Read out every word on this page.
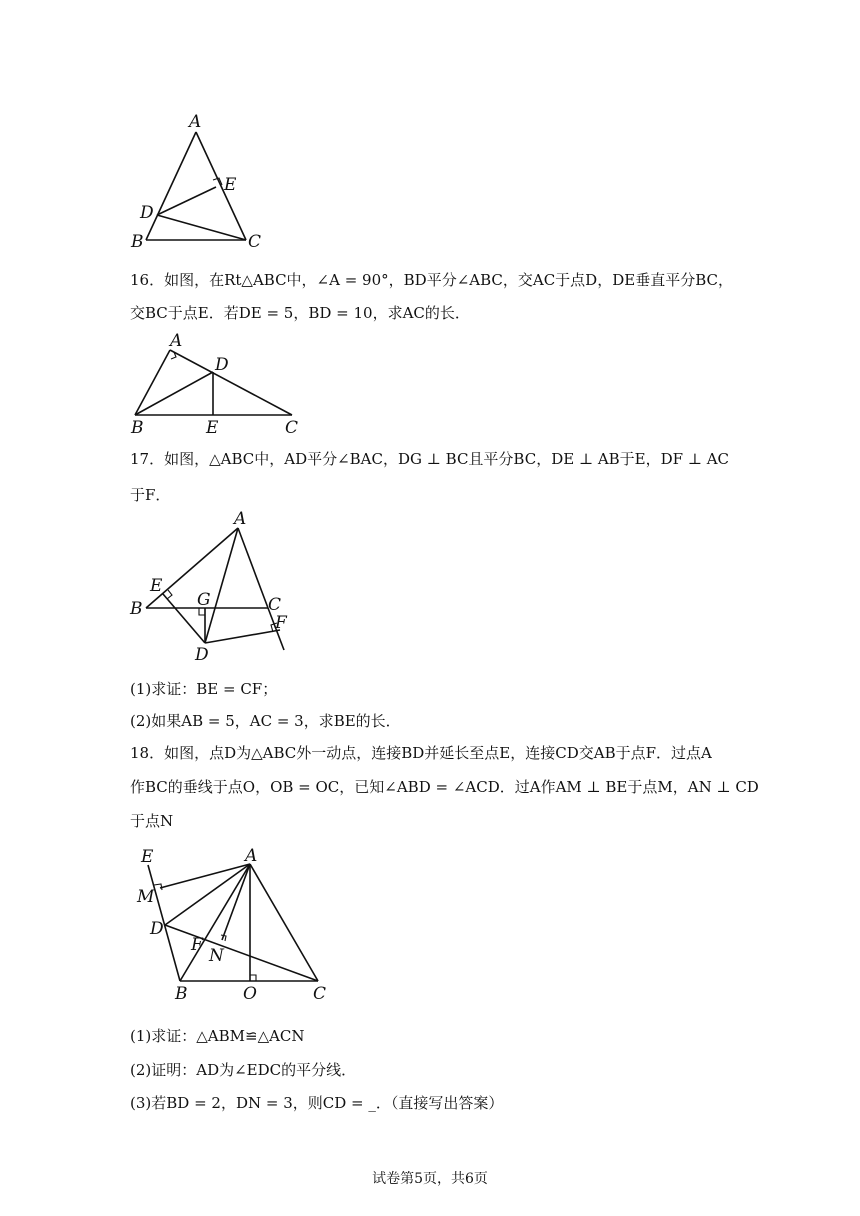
A
E
D
B	C
16．如图，在Rt△ABC中，∠A = 90°，BD平分∠ABC，交AC于点D，DE垂直平分BC，
交BC于点E．若DE = 5，BD = 10，求AC的长．
A
D
B	E	C
17．如图，△ABC中，AD平分∠BAC，DG ⊥ BC且平分BC，DE ⊥ AB于E，DF ⊥ AC
于F．
A
E
G	C
B
F
D
(1)求证：BE = CF；
(2)如果AB = 5，AC = 3，求BE的长．
18．如图，点D为△ABC外一动点，连接BD并延长至点E，连接CD交AB于点F．过点A
作BC的垂线于点O，OB = OC，已知∠ABD = ∠ACD．过A作AM ⊥ BE于点M，AN ⊥ CD
于点N
E	A
M
D
F
N
B	O	C
(1)求证：△ABM≌△ACN
(2)证明：AD为∠EDC的平分线．
(3)若BD = 2，DN = 3，则CD = _．（直接写出答案）
试卷第5页，共6页
